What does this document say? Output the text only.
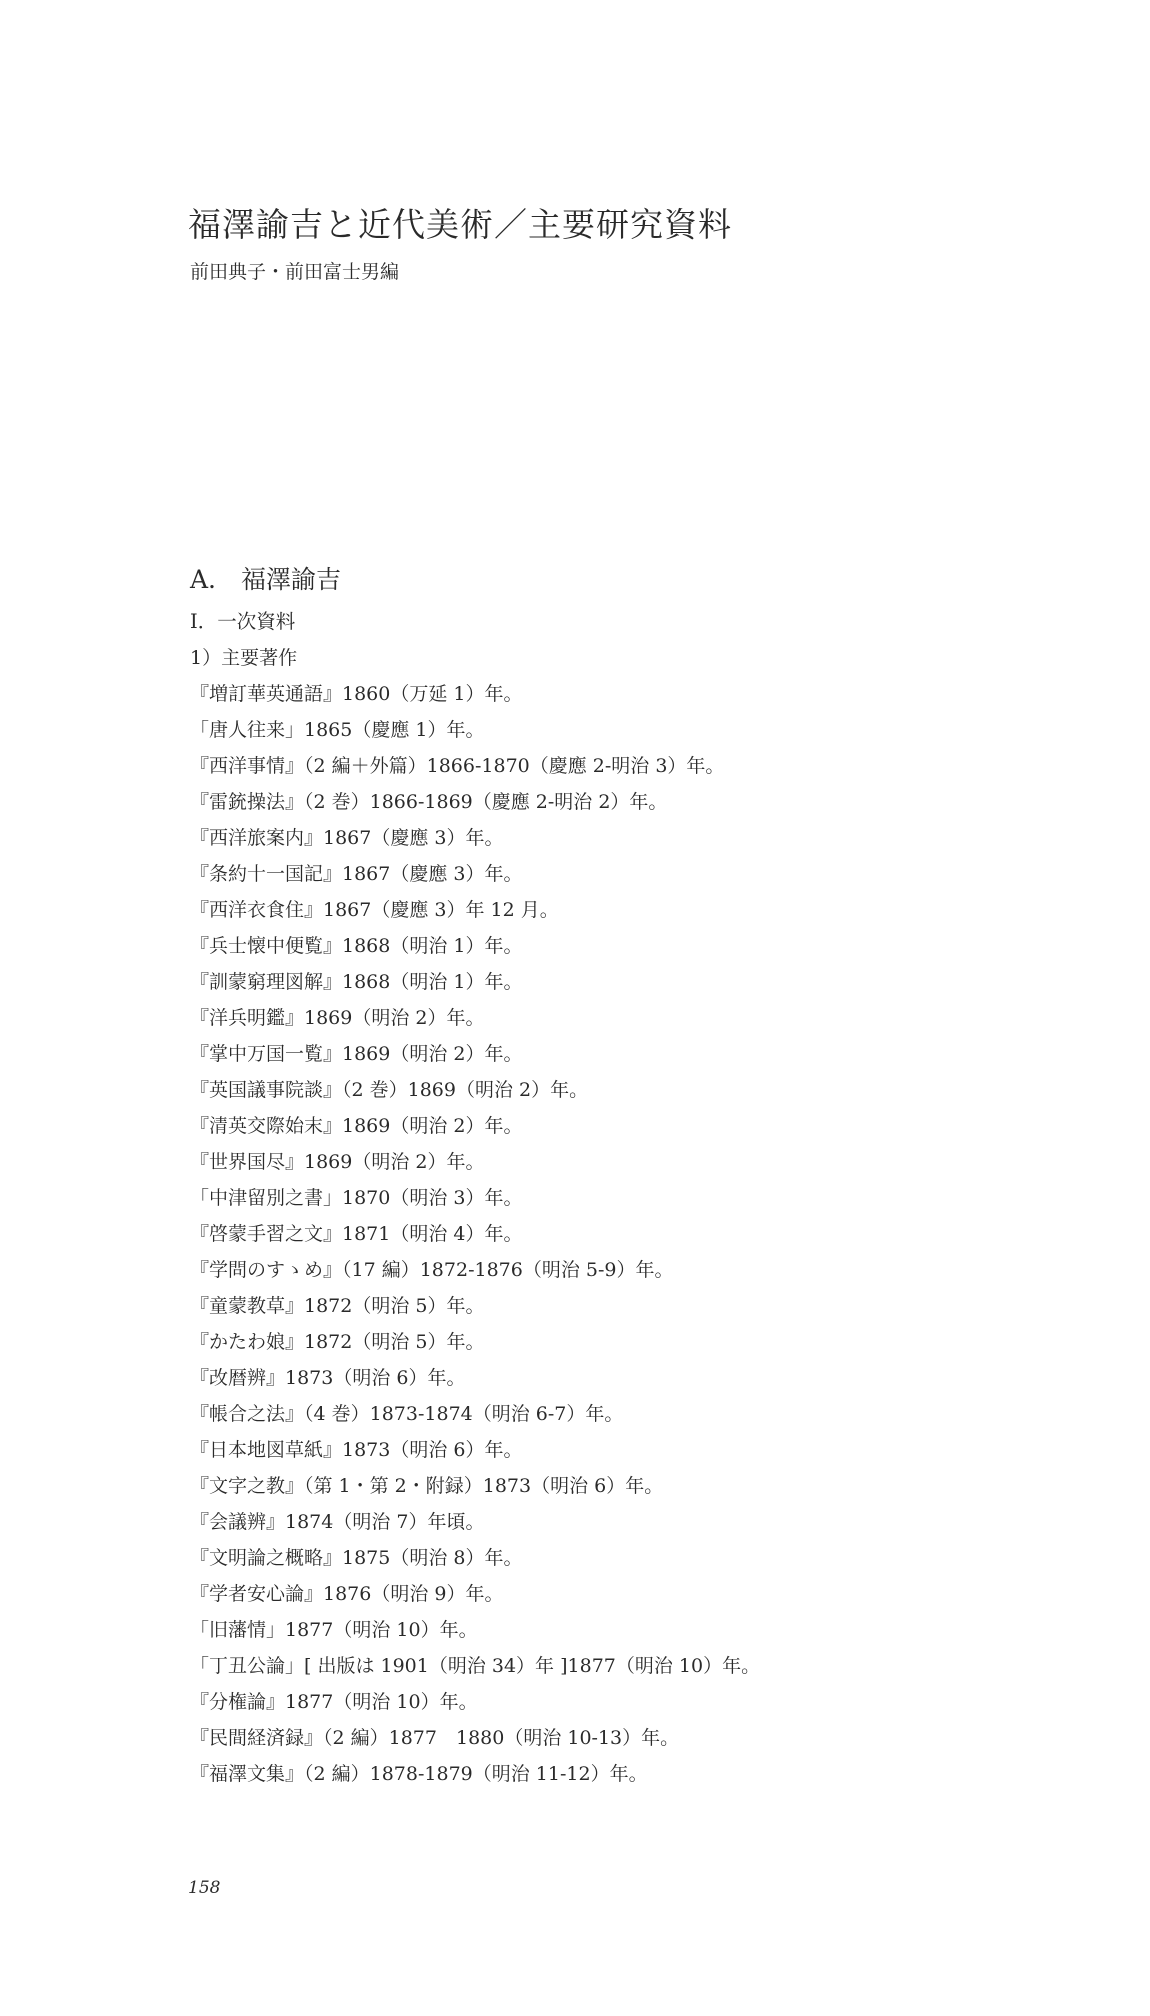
福澤諭吉と近代美術／主要研究資料
前田典子・前田富士男編
A.　福澤諭吉
Ⅰ．一次資料
1）主要著作
『増訂華英通語』1860（万延 1）年。
「唐人往来」1865（慶應 1）年。
『西洋事情』（2 編＋外篇）1866-1870（慶應 2-明治 3）年。
『雷銃操法』（2 巻）1866-1869（慶應 2-明治 2）年。
『西洋旅案内』1867（慶應 3）年。
『条約十一国記』1867（慶應 3）年。
『西洋衣食住』1867（慶應 3）年 12 月。
『兵士懐中便覧』1868（明治 1）年。
『訓蒙窮理図解』1868（明治 1）年。
『洋兵明鑑』1869（明治 2）年。
『掌中万国一覧』1869（明治 2）年。
『英国議事院談』（2 巻）1869（明治 2）年。
『清英交際始末』1869（明治 2）年。
『世界国尽』1869（明治 2）年。
「中津留別之書」1870（明治 3）年。
『啓蒙手習之文』1871（明治 4）年。
『学問のすゝめ』（17 編）1872-1876（明治 5-9）年。
『童蒙教草』1872（明治 5）年。
『かたわ娘』1872（明治 5）年。
『改暦辨』1873（明治 6）年。
『帳合之法』（4 巻）1873-1874（明治 6-7）年。
『日本地図草紙』1873（明治 6）年。
『文字之教』（第 1・第 2・附録）1873（明治 6）年。
『会議辨』1874（明治 7）年頃。
『文明論之概略』1875（明治 8）年。
『学者安心論』1876（明治 9）年。
「旧藩情」1877（明治 10）年。
「丁丑公論」[ 出版は 1901（明治 34）年 ]1877（明治 10）年。
『分権論』1877（明治 10）年。
『民間経済録』（2 編）1877　1880（明治 10-13）年。
『福澤文集』（2 編）1878-1879（明治 11-12）年。
158
